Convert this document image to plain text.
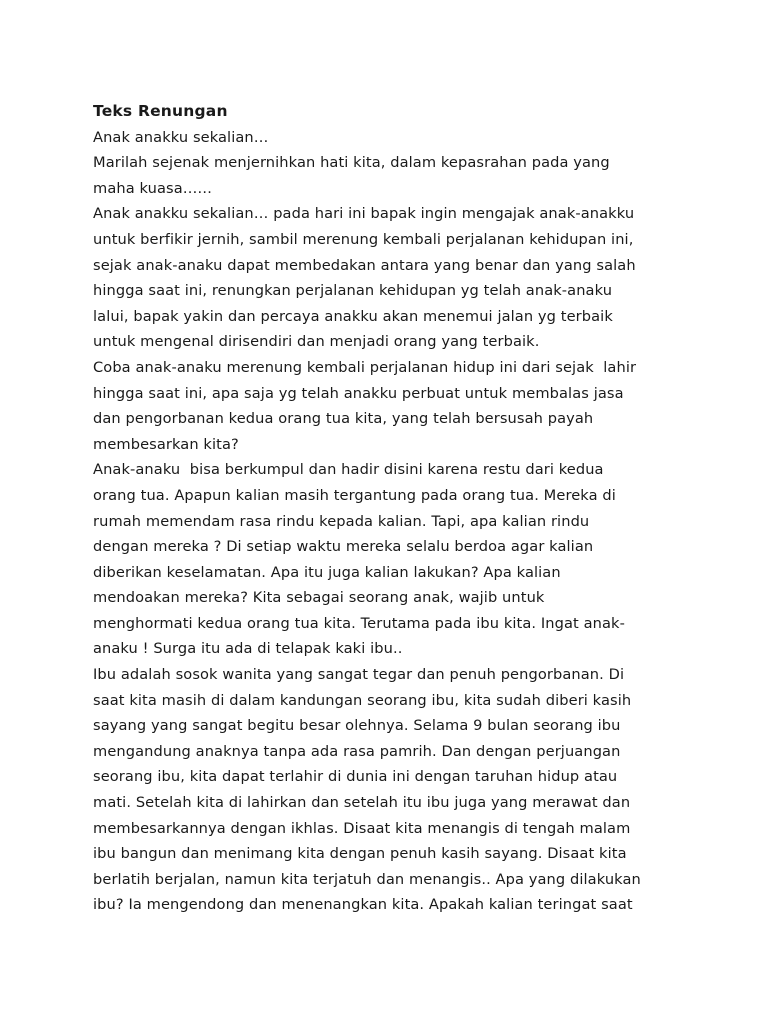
Teks Renungan
Anak anakku sekalian…
Marilah sejenak menjernihkan hati kita, dalam kepasrahan pada yang
maha kuasa……
Anak anakku sekalian… pada hari ini bapak ingin mengajak anak-anakku
untuk berfikir jernih, sambil merenung kembali perjalanan kehidupan ini,
sejak anak-anaku dapat membedakan antara yang benar dan yang salah
hingga saat ini, renungkan perjalanan kehidupan yg telah anak-anaku
lalui, bapak yakin dan percaya anakku akan menemui jalan yg terbaik
untuk mengenal dirisendiri dan menjadi orang yang terbaik.
Coba anak-anaku merenung kembali perjalanan hidup ini dari sejak  lahir
hingga saat ini, apa saja yg telah anakku perbuat untuk membalas jasa
dan pengorbanan kedua orang tua kita, yang telah bersusah payah
membesarkan kita?
Anak-anaku  bisa berkumpul dan hadir disini karena restu dari kedua
orang tua. Apapun kalian masih tergantung pada orang tua. Mereka di
rumah memendam rasa rindu kepada kalian. Tapi, apa kalian rindu
dengan mereka ? Di setiap waktu mereka selalu berdoa agar kalian
diberikan keselamatan. Apa itu juga kalian lakukan? Apa kalian
mendoakan mereka? Kita sebagai seorang anak, wajib untuk
menghormati kedua orang tua kita. Terutama pada ibu kita. Ingat anak-
anaku ! Surga itu ada di telapak kaki ibu..
Ibu adalah sosok wanita yang sangat tegar dan penuh pengorbanan. Di
saat kita masih di dalam kandungan seorang ibu, kita sudah diberi kasih
sayang yang sangat begitu besar olehnya. Selama 9 bulan seorang ibu
mengandung anaknya tanpa ada rasa pamrih. Dan dengan perjuangan
seorang ibu, kita dapat terlahir di dunia ini dengan taruhan hidup atau
mati. Setelah kita di lahirkan dan setelah itu ibu juga yang merawat dan
membesarkannya dengan ikhlas. Disaat kita menangis di tengah malam
ibu bangun dan menimang kita dengan penuh kasih sayang. Disaat kita
berlatih berjalan, namun kita terjatuh dan menangis.. Apa yang dilakukan
ibu? Ia mengendong dan menenangkan kita. Apakah kalian teringat saat
